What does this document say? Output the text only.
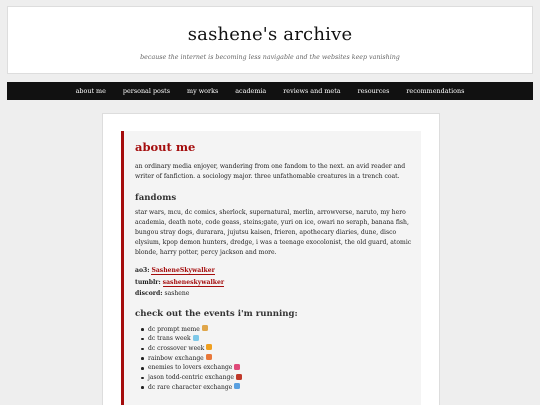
sashene's archive
because the internet is becoming less navigable and the websites keep vanishing
about me	personal posts	my works	academia	reviews and meta	resources	recommendations
about me

an ordinary media enjoyer, wandering from one fandom to the next. an avid reader and writer of fanfiction. a sociology major. three unfathomable creatures in a trench coat.

fandoms

star wars, mcu, dc comics, sherlock, supernatural, merlin, arrowverse, naruto, my hero academia, death note, code geass, steins;gate, yuri on ice, owari no seraph, banana fish, bungou stray dogs, durarara, jujutsu kaisen, frieren, apothecary diaries, dune, disco elysium, kpop demon hunters, dredge, i was a teenage exocolonist, the old guard, atomic blonde, harry potter, percy jackson and more.

ao3: SasheneSkywalker
tumblr: sasheneskywalker
discord: sashene
check out the events i'm running:
dc prompt meme
dc trans week
dc crossover week
rainbow exchange
enemies to lovers exchange
jason todd-centric exchange
dc rare character exchange
